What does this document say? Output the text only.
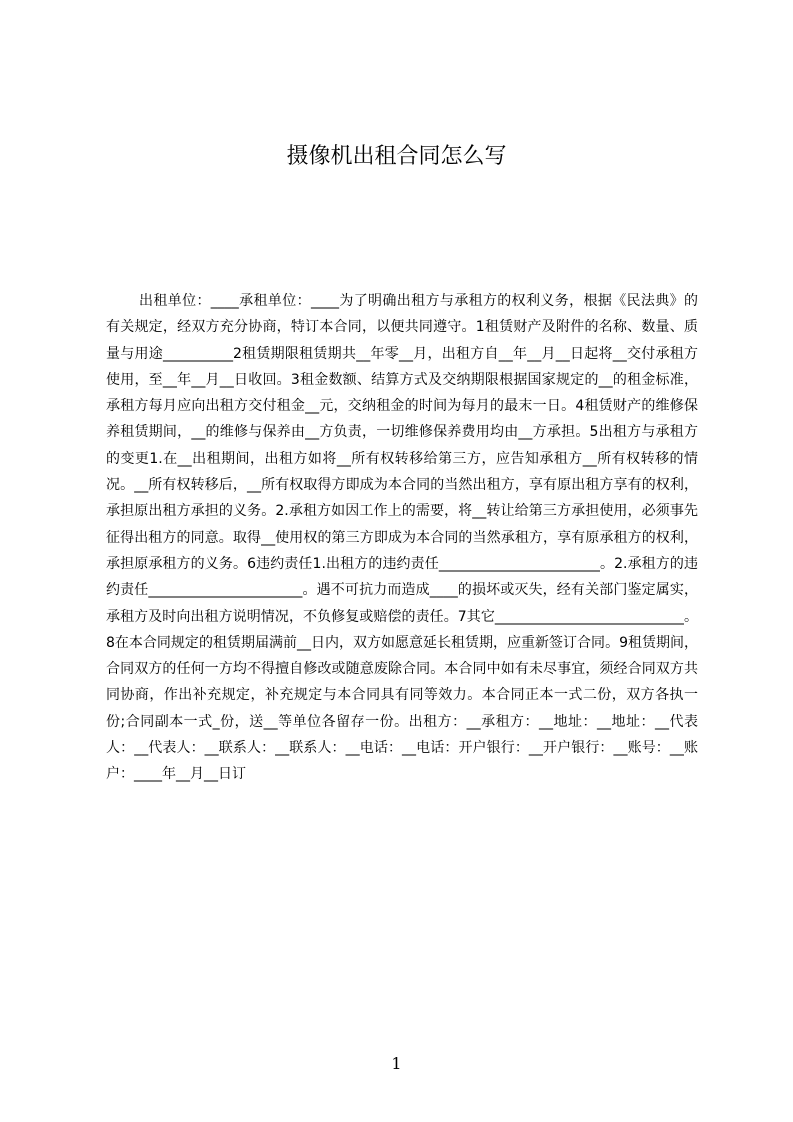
摄像机出租合同怎么写

出租单位：____承租单位：____为了明确出租方与承租方的权利义务，根据《民法典》的有关规定，经双方充分协商，特订本合同，以便共同遵守。1租赁财产及附件的名称、数量、质量与用途__________2租赁期限租赁期共__年零__月，出租方自__年__月__日起将__交付承租方使用，至__年__月__日收回。3租金数额、结算方式及交纳期限根据国家规定的__的租金标准，承租方每月应向出租方交付租金__元，交纳租金的时间为每月的最末一日。4租赁财产的维修保养租赁期间，__的维修与保养由__方负责，一切维修保养费用均由__方承担。5出租方与承租方的变更1.在__出租期间，出租方如将__所有权转移给第三方，应告知承租方__所有权转移的情况。__所有权转移后，__所有权取得方即成为本合同的当然出租方，享有原出租方享有的权利，承担原出租方承担的义务。2.承租方如因工作上的需要，将__转让给第三方承担使用，必须事先征得出租方的同意。取得__使用权的第三方即成为本合同的当然承租方，享有原承租方的权利，承担原承租方的义务。6违约责任1.出租方的违约责任_______________________。2.承租方的违约责任______________________。遇不可抗力而造成____的损坏或灭失，经有关部门鉴定属实，承租方及时向出租方说明情况，不负修复或赔偿的责任。7其它___________________________。8在本合同规定的租赁期届满前__日内，双方如愿意延长租赁期，应重新签订合同。9租赁期间，合同双方的任何一方均不得擅自修改或随意废除合同。本合同中如有未尽事宜，须经合同双方共同协商，作出补充规定，补充规定与本合同具有同等效力。本合同正本一式二份，双方各执一份;合同副本一式_份，送__等单位各留存一份。出租方：__承租方：__地址：__地址：__代表人：__代表人：__联系人：__联系人：__电话：__电话：开户银行：__开户银行：__账号：__账户：____年__月__日订

1
